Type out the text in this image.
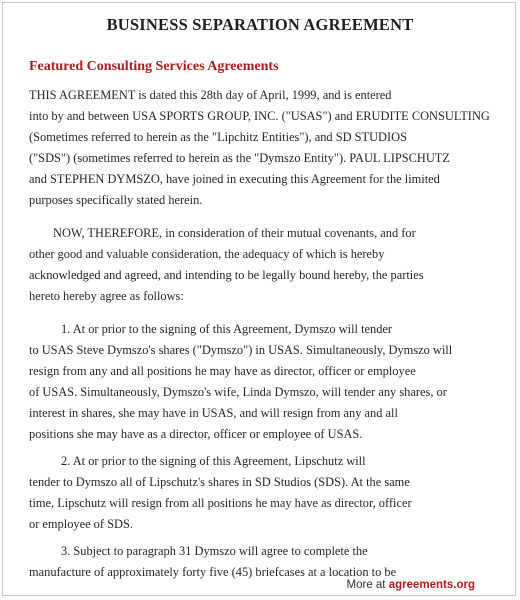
BUSINESS SEPARATION AGREEMENT
Featured Consulting Services Agreements
THIS AGREEMENT is dated this 28th day of April, 1999, and is entered
into by and between USA SPORTS GROUP, INC. ("USAS") and ERUDITE CONSULTING
(Sometimes referred to herein as the "Lipchitz Entities"), and SD STUDIOS
("SDS") (sometimes referred to herein as the "Dymszo Entity"). PAUL LIPSCHUTZ
and STEPHEN DYMSZO, have joined in executing this Agreement for the limited
purposes specifically stated herein.
NOW, THEREFORE, in consideration of their mutual covenants, and for
other good and valuable consideration, the adequacy of which is hereby
acknowledged and agreed, and intending to be legally bound hereby, the parties
hereto hereby agree as follows:
1. At or prior to the signing of this Agreement, Dymszo will tender
to USAS Steve Dymszo's shares ("Dymszo") in USAS. Simultaneously, Dymszo will
resign from any and all positions he may have as director, officer or employee
of USAS. Simultaneously, Dymszo's wife, Linda Dymszo, will tender any shares, or
interest in shares, she may have in USAS, and will resign from any and all
positions she may have as a director, officer or employee of USAS.
2. At or prior to the signing of this Agreement, Lipschutz will
tender to Dymszo all of Lipschutz's shares in SD Studios (SDS). At the same
time, Lipschutz will resign from all positions he may have as director, officer
or employee of SDS.
3. Subject to paragraph 31 Dymszo will agree to complete the
manufacture of approximately forty five (45) briefcases at a location to be
More at agreements.org
